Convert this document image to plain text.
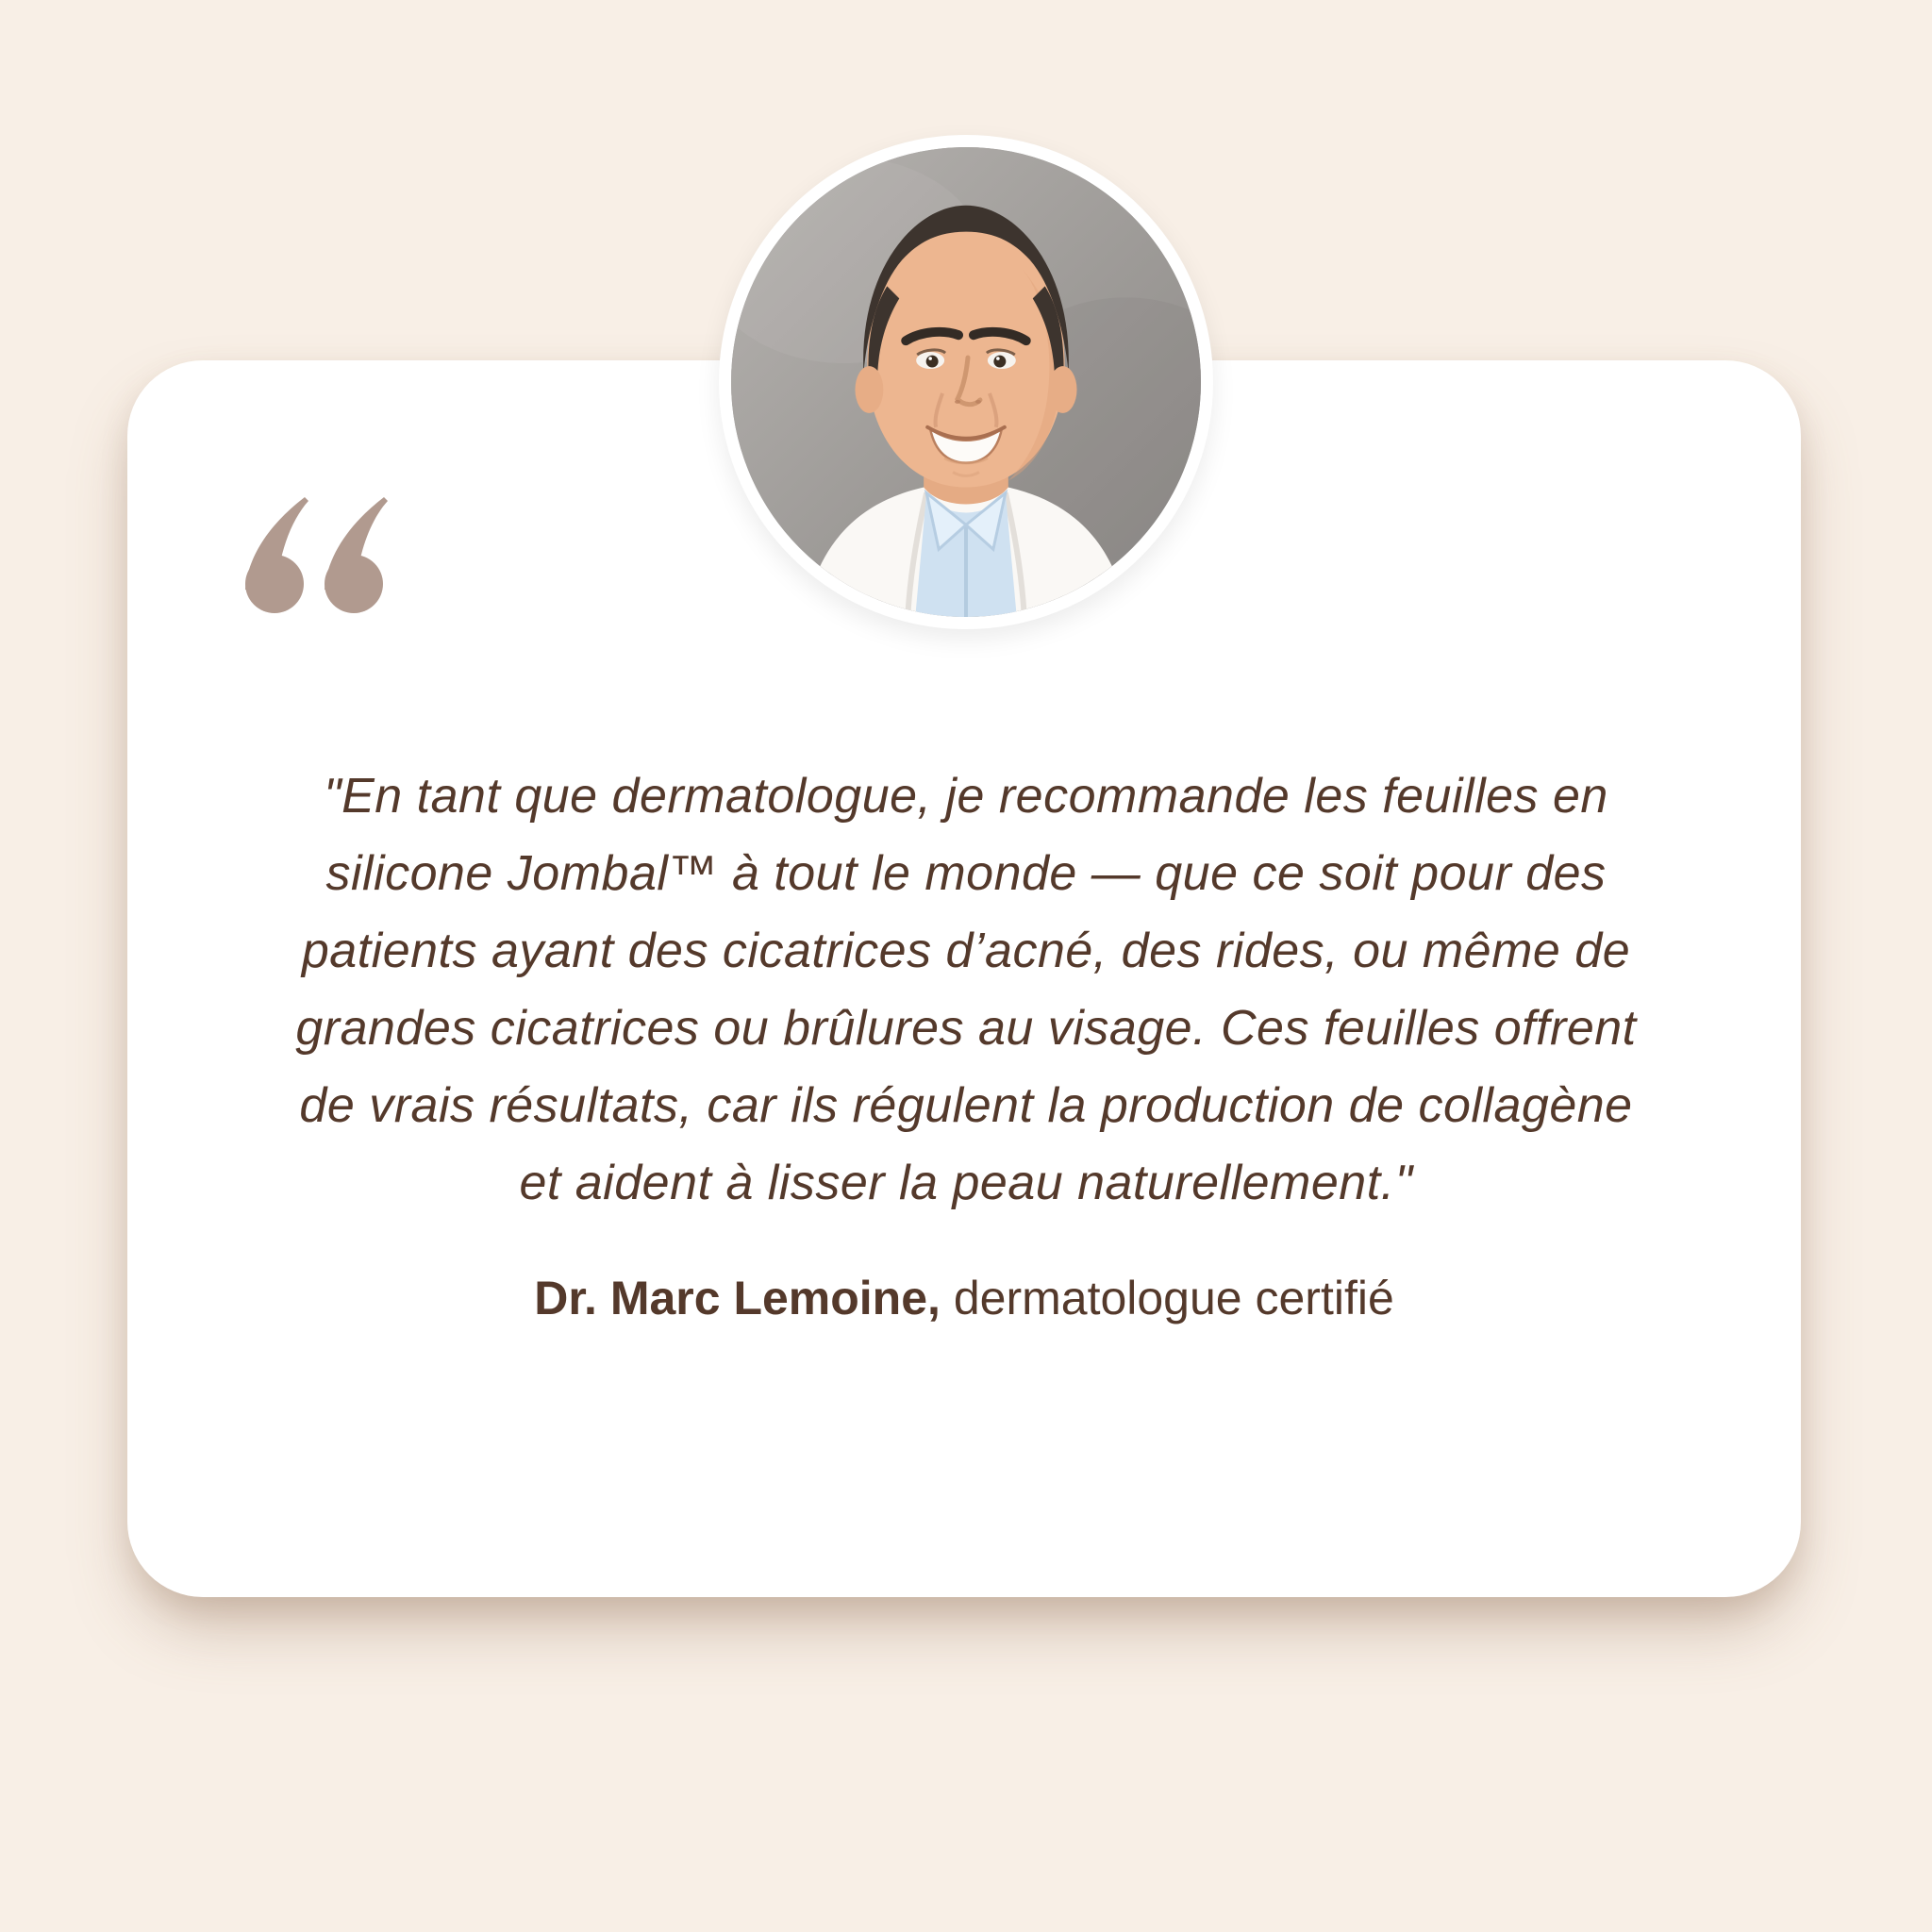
"En tant que dermatologue, je recommande les feuilles en
silicone Jombal™ à tout le monde — que ce soit pour des
patients ayant des cicatrices d’acné, des rides, ou même de
grandes cicatrices ou brûlures au visage. Ces feuilles offrent
de vrais résultats, car ils régulent la production de collagène
et aident à lisser la peau naturellement."
Dr. Marc Lemoine, dermatologue certifié
